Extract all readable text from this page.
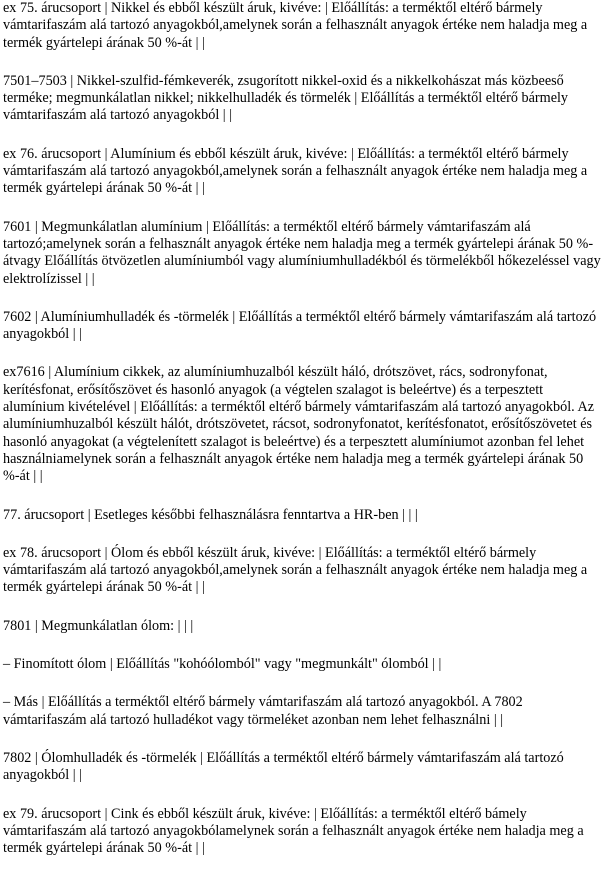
ex 75. árucsoport | Nikkel és ebből készült áruk, kivéve: | Előállítás: a terméktől eltérő bármely vámtarifaszám alá tartozó anyagokból,amelynek során a felhasznált anyagok értéke nem haladja meg a termék gyártelepi árának 50 %-át | |

7501–7503 | Nikkel-szulfid-fémkeverék, zsugorított nikkel-oxid és a nikkelkohászat más közbeeső terméke; megmunkálatlan nikkel; nikkelhulladék és törmelék | Előállítás a terméktől eltérő bármely vámtarifaszám alá tartozó anyagokból | |

ex 76. árucsoport | Alumínium és ebből készült áruk, kivéve: | Előállítás: a terméktől eltérő bármely vámtarifaszám alá tartozó anyagokból,amelynek során a felhasznált anyagok értéke nem haladja meg a termék gyártelepi árának 50 %-át | |

7601 | Megmunkálatlan alumínium | Előállítás: a terméktől eltérő bármely vámtarifaszám alá tartozó;amelynek során a felhasznált anyagok értéke nem haladja meg a termék gyártelepi árának 50 %-átvagy Előállítás ötvözetlen alumíniumból vagy alumíniumhulladékból és törmelékből hőkezeléssel vagy elektrolízissel | |

7602 | Alumíniumhulladék és -törmelék | Előállítás a terméktől eltérő bármely vámtarifaszám alá tartozó anyagokból | |

ex7616 | Alumínium cikkek, az alumíniumhuzalból készült háló, drótszövet, rács, sodronyfonat, kerítésfonat, erősítőszövet és hasonló anyagok (a végtelen szalagot is beleértve) és a terpesztett alumínium kivételével | Előállítás: a terméktől eltérő bármely vámtarifaszám alá tartozó anyagokból. Az alumíniumhuzalból készült hálót, drótszövetet, rácsot, sodronyfonatot, kerítésfonatot, erősítőszövetet és hasonló anyagokat (a végtelenített szalagot is beleértve) és a terpesztett alumíniumot azonban fel lehet használniamelynek során a felhasznált anyagok értéke nem haladja meg a termék gyártelepi árának 50 %-át | |

77. árucsoport | Esetleges későbbi felhasználásra fenntartva a HR-ben | | |

ex 78. árucsoport | Ólom és ebből készült áruk, kivéve: | Előállítás: a terméktől eltérő bármely vámtarifaszám alá tartozó anyagokból,amelynek során a felhasznált anyagok értéke nem haladja meg a termék gyártelepi árának 50 %-át | |

7801 | Megmunkálatlan ólom: | | |

– Finomított ólom | Előállítás "kohóólomból" vagy "megmunkált" ólomból | |

– Más | Előállítás a terméktől eltérő bármely vámtarifaszám alá tartozó anyagokból. A 7802 vámtarifaszám alá tartozó hulladékot vagy törmeléket azonban nem lehet felhasználni | |

7802 | Ólomhulladék és -törmelék | Előállítás a terméktől eltérő bármely vámtarifaszám alá tartozó anyagokból | |

ex 79. árucsoport | Cink és ebből készült áruk, kivéve: | Előállítás: a terméktől eltérő bámely vámtarifaszám alá tartozó anyagokbólamelynek során a felhasznált anyagok értéke nem haladja meg a termék gyártelepi árának 50 %-át | |
